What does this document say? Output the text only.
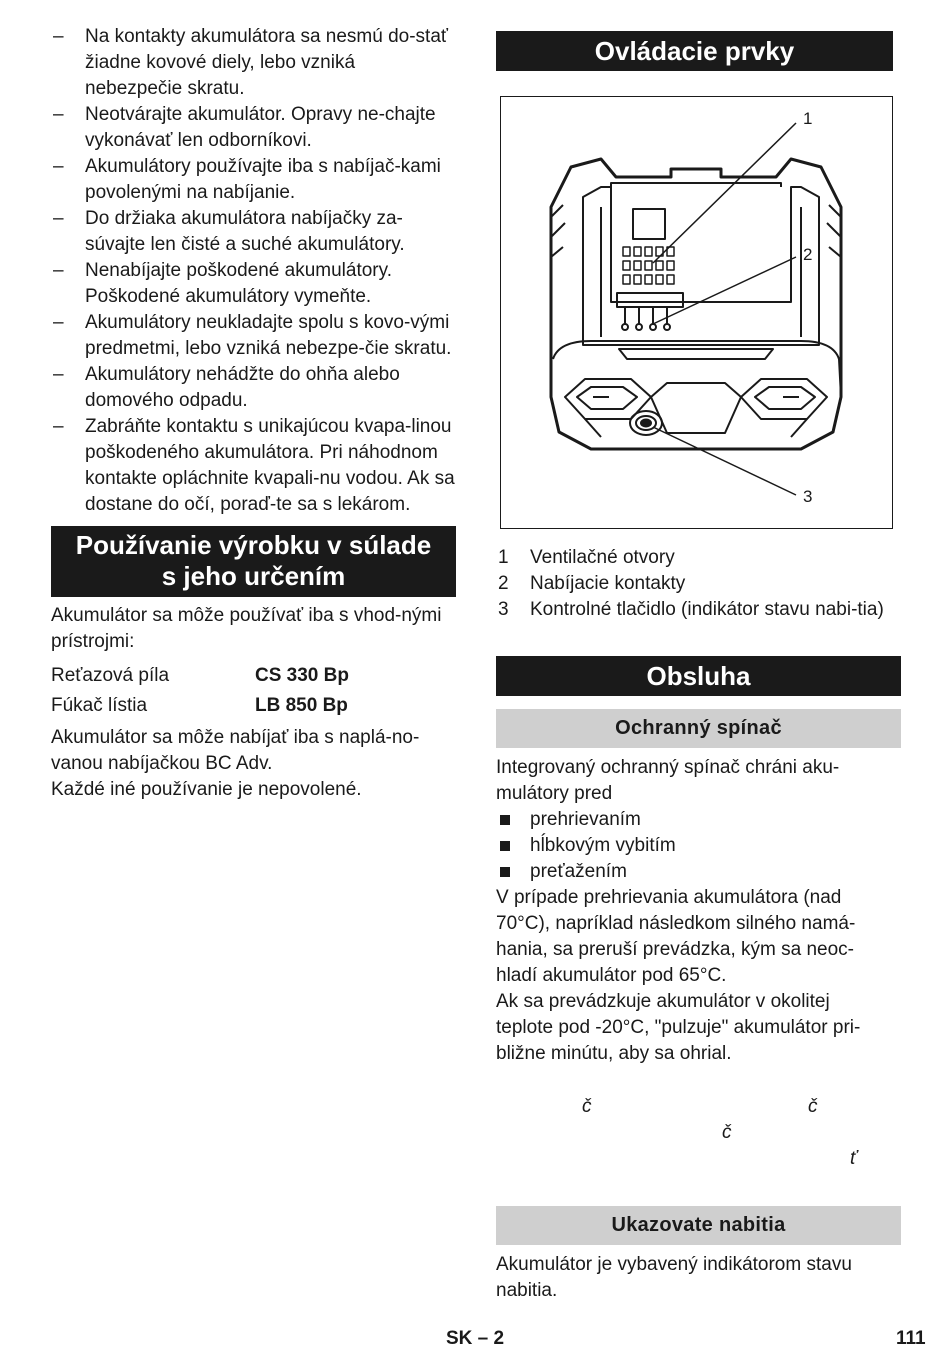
– Na kontakty akumulátora sa nesmú do-stať žiadne kovové diely, lebo vzniká nebezpečie skratu.
– Neotvárajte akumulátor. Opravy ne-chajte vykonávať len odborníkovi.
– Akumulátory používajte iba s nabíjač-kami povolenými na nabíjanie.
– Do držiaka akumulátora nabíjačky za-súvajte len čisté a suché akumulátory.
– Nenabíjajte poškodené akumulátory. Poškodené akumulátory vymeňte.
– Akumulátory neukladajte spolu s kovo-vými predmetmi, lebo vzniká nebezpe-čie skratu.
– Akumulátory nehádžte do ohňa alebo domového odpadu.
– Zabráňte kontaktu s unikajúcou kvapa-linou poškodeného akumulátora. Pri náhodnom kontakte opláchnite kvapali-nu vodou. Ak sa dostane do očí, poraď-te sa s lekárom.
Používanie výrobku v súlade
s jeho určením

Akumulátor sa môže používať iba s vhod-nými prístrojmi:

Reťazová píla	CS 330 Bp
Fúkač lístia	LB 850 Bp

Akumulátor sa môže nabíjať iba s naplá-no-
vanou nabíjačkou BC Adv.

Každé iné používanie je nepovolené.

Ovládacie prvky
1
2
3
1 Ventilačné otvory
2 Nabíjacie kontakty
3 Kontrolné tlačidlo (indikátor stavu nabi-tia)
Obsluha
Ochranný spínač

Integrovaný ochranný spínač chráni aku-mulátory pred

prehrievaním
hĺbkovým vybitím
preťažením

V prípade prehrievania akumulátora (nad
70°C), napríklad následkom silného namá-
hania, sa preruší prevádzka, kým sa neoc-
hladí akumulátor pod 65°C.

Ak sa prevádzkuje akumulátor v okolitej
teplote pod -20°C, "pulzuje" akumulátor pri-
bližne minútu, aby sa ohrial.

č	č
č
ť
Ukazovate nabitia

Akumulátor je vybavený indikátorom stavu nabitia.

SK – 2	111
